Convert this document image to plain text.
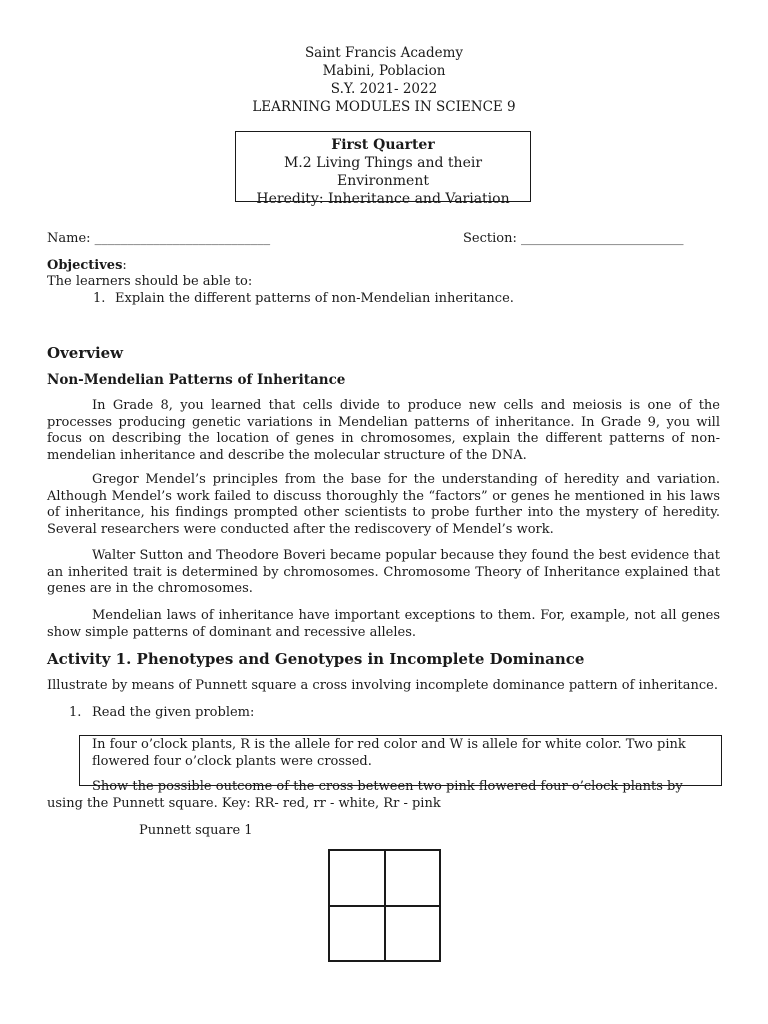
Saint Francis Academy
Mabini, Poblacion
S.Y. 2021- 2022
LEARNING MODULES IN SCIENCE 9
First Quarter
M.2 Living Things and their Environment
Heredity: Inheritance and Variation
Name: ___________________________	Section: _________________________
Objectives:
The learners should be able to:
1. Explain the different patterns of non-Mendelian inheritance.
Overview
Non-Mendelian Patterns of Inheritance
In Grade 8, you learned that cells divide to produce new cells and meiosis is one of the processes producing genetic variations in Mendelian patterns of inheritance. In Grade 9, you will focus on describing the location of genes in chromosomes, explain the different patterns of non-mendelian inheritance and describe the molecular structure of the DNA.
Gregor Mendel’s principles from the base for the understanding of heredity and variation. Although Mendel’s work failed to discuss thoroughly the “factors” or genes he mentioned in his laws of inheritance, his findings prompted other scientists to probe further into the mystery of heredity. Several researchers were conducted after the rediscovery of Mendel’s work.
Walter Sutton and Theodore Boveri became popular because they found the best evidence that an inherited trait is determined by chromosomes. Chromosome Theory of Inheritance explained that genes are in the chromosomes.
Mendelian laws of inheritance have important exceptions to them. For, example, not all genes show simple patterns of dominant and recessive alleles.
Activity 1. Phenotypes and Genotypes in Incomplete Dominance
Illustrate by means of Punnett square a cross involving incomplete dominance pattern of inheritance.
1. Read the given problem:
In four o’clock plants, R is the allele for red color and W is allele for white color. Two pink flowered four o’clock plants were crossed.
Show the possible outcome of the cross between two pink flowered four o’clock plants by using the Punnett square. Key: RR- red, rr - white, Rr - pink
Punnett square 1
